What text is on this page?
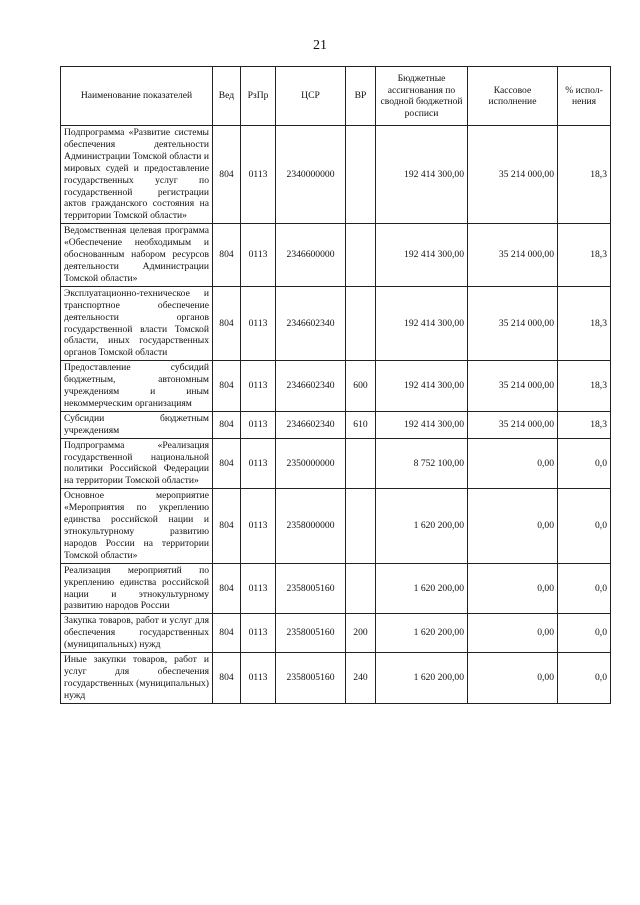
21
Наименование показателей	Вед	РзПр	ЦСР	ВР	Бюджетные ассигнования по сводной бюджетной росписи	Кассовое исполнение	% испол-нения
Подпрограмма «Развитие системы обеспечения деятельности Администрации Томской области и мировых судей и предоставление государственных услуг по государственной регистрации актов гражданского состояния на территории Томской области»	804	0113	2340000000		192 414 300,00	35 214 000,00	18,3
Ведомственная целевая программа «Обеспечение необходимым и обоснованным набором ресурсов деятельности Администрации Томской области»	804	0113	2346600000		192 414 300,00	35 214 000,00	18,3
Эксплуатационно-техническое и транспортное обеспечение деятельности органов государственной власти Томской области, иных государственных органов Томской области	804	0113	2346602340		192 414 300,00	35 214 000,00	18,3
Предоставление субсидий бюджетным, автономным учреждениям и иным некоммерческим организациям	804	0113	2346602340	600	192 414 300,00	35 214 000,00	18,3
Субсидии бюджетным учреждениям	804	0113	2346602340	610	192 414 300,00	35 214 000,00	18,3
Подпрограмма «Реализация государственной национальной политики Российской Федерации на территории Томской области»	804	0113	2350000000		8 752 100,00	0,00	0,0
Основное мероприятие «Мероприятия по укреплению единства российской нации и этнокультурному развитию народов России на территории Томской области»	804	0113	2358000000		1 620 200,00	0,00	0,0
Реализация мероприятий по укреплению единства российской нации и этнокультурному развитию народов России	804	0113	2358005160		1 620 200,00	0,00	0,0
Закупка товаров, работ и услуг для обеспечения государственных (муниципальных) нужд	804	0113	2358005160	200	1 620 200,00	0,00	0,0
Иные закупки товаров, работ и услуг для обеспечения государственных (муниципальных) нужд	804	0113	2358005160	240	1 620 200,00	0,00	0,0
